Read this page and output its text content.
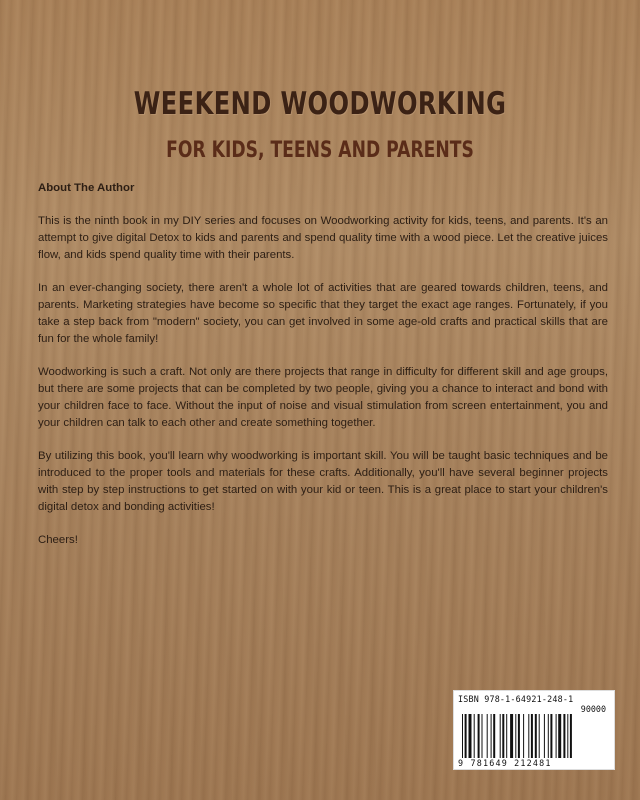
WEEKEND WOODWORKING
FOR KIDS, TEENS AND PARENTS

About The Author

This is the ninth book in my DIY series and focuses on Woodworking activity for kids, teens, and parents. It's an attempt to give digital Detox to kids and parents and spend quality time with a wood piece. Let the creative juices flow, and kids spend quality time with their parents.

In an ever-changing society, there aren't a whole lot of activities that are geared towards children, teens, and parents. Marketing strategies have become so specific that they target the exact age ranges. Fortunately, if you take a step back from "modern" society, you can get involved in some age-old crafts and practical skills that are fun for the whole family!

Woodworking is such a craft. Not only are there projects that range in difficulty for different skill and age groups, but there are some projects that can be completed by two people, giving you a chance to interact and bond with your children face to face. Without the input of noise and visual stimulation from screen entertainment, you and your children can talk to each other and create something together.

By utilizing this book, you'll learn why woodworking is important skill. You will be taught basic techniques and be introduced to the proper tools and materials for these crafts. Additionally, you'll have several beginner projects with step by step instructions to get started on with your kid or teen. This is a great place to start your children's digital detox and bonding activities!

Cheers!

ISBN 978-1-64921-248-1
90000
9 781649 212481
